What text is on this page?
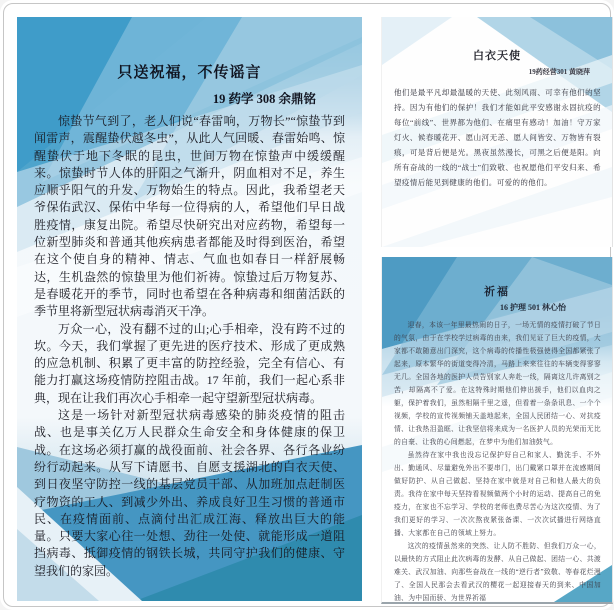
只送祝福，不传谣言
19 药学 308 余鼎铭

惊蛰节气到了，老人们说“春雷响，万物长”“惊蛰节到闻雷声，震醒蛰伏越冬虫”，从此人气回暖、春雷始鸣、惊醒蛰伏于地下冬眠的昆虫，世间万物在惊蛰声中缓缓醒来。惊蛰时节人体的肝阳之气渐升，阴血相对不足，养生应顺乎阳气的升发、万物始生的特点。因此，我希望老天爷保佑武汉、保佑中华每一位得病的人，希望他们早日战胜疫情，康复出院。希望尽快研究出对应药物，希望每一位新型肺炎和普通其他疾病患者都能及时得到医治，希望在这个使自身的精神、情志、气血也如春日一样舒展畅达，生机盎然的惊蛰里为他们祈祷。惊蛰过后万物复苏、是春暖花开的季节，同时也希望在各种病毒和细菌活跃的季节里将新型冠状病毒消灭干净。

万众一心，没有翻不过的山;心手相牵，没有跨不过的坎。今天，我们掌握了更先进的医疗技术、形成了更成熟的应急机制、积累了更丰富的防控经验，完全有信心、有能力打赢这场疫情防控阻击战。17 年前，我们一起心系非典，现在让我们再次心手相牵一起守望新型冠状病毒。

这是一场针对新型冠状病毒感染的肺炎疫情的阻击战、也是事关亿万人民群众生命安全和身体健康的保卫战。在这场必须打赢的战役面前、社会各界、各行各业纷纷行动起来。从写下请愿书、自愿支援湖北的白衣天使、到日夜坚守防控一线的基层党员干部、从加班加点赶制医疗物资的工人、到减少外出、养成良好卫生习惯的普通市民、在疫情面前、点滴付出汇成江海、释放出巨大的能量。只要大家心往一处想、劲往一处使、就能形成一道阻挡病毒、抵御疫情的钢铁长城，共同守护我们的健康、守望我们的家园。

白衣天使
19药经营301 黄晓萍

他们是最平凡却最温暖的天使、此刻风雨、可幸有他们的坚持。因为有他们的保护！我们才能如此平安感谢永固抗疫的每位“前线”、世界都为他们、在痛里有感动！加油！守万家灯火、候春暖花开、愿山河无恙、愿人间皆安、万物皆有裂痕，可是背后便是光。黑夜虽然漫长，可黑之后便是阳。向所有奋战的一线的“战士”们致敬、也祝愿他们平安归来、希望疫情后能见到健康的他们。可爱的的他们。

祈福
16 护理 501 林心怡

迎春，本该一年里最热闹的日子，一场无情的疫情打破了节日的气氛，由于在学校学过病毒的由来，我们见证了巨大的疫情，大家都不敢随意出门深究，这个病毒的传播性极强使得全国都紧张了起来，原本繁华的街道变得冷清，马路上来来往往的车辆变得寥寥无几。全国各地的医护人员告别家人奔赴一线，隔离这几许离别之苦，却隔离不了爱。在这特殊时期他们伸出援手，他们以血肉之躯，保护着我们，虽然相隔千里之遥，但看着一条条讯息、一个个视频，学校的宣传视频铺天盖地起来，全国人民团结一心、对抗疫情、让我热泪盈眶、让我坚信将来成为一名医护人员的光荣而无比的自豪、让我的心间燃起，在梦中为他们加油鼓气。

虽然待在家中我也没忘记保护好自己和家人、勤洗手、不外出、勤通风、尽量避免外出不要串门，出门戴紧口罩并在流感期间做好防护、从自己做起、坚持在家中就是对自己和他人最大的负责。我待在家中每天坚持看视频做两个小时的运动、提高自己的免疫力，在家也不忘学习、学校的老师也费尽苦心为这次疫情、为了我们更好的学习、一次次熬夜紧张备课、一次次试播进行网络直播、大家都在自己的领域上努力。

这次的疫情虽然来的突然、让人防不胜防、但我们万众一心，以最快的方式阻止此次病毒的发酵、从自己做起、团结一心、共渡难关、武汉加油、向那些奋战在一线的“逆行者”致敬、等春花烂漫了、全国人民那会去看武汉的樱花一起迎接春天的到来、中国加油、为中国而骄、为世界祈福
